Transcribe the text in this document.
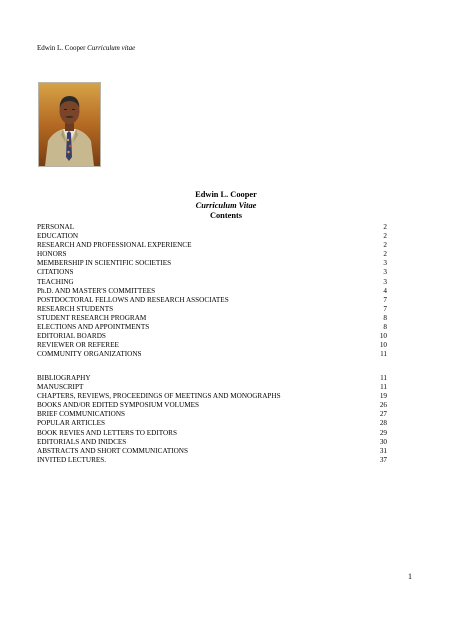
Edwin L. Cooper Curriculum vitae
Edwin L. Cooper
Curriculum Vitae
Contents
PERSONAL	2
EDUCATION	2
RESEARCH AND PROFESSIONAL EXPERIENCE	2
HONORS	2
MEMBERSHIP IN SCIENTIFIC SOCIETIES	3
CITATIONS	3
TEACHING	3
Ph.D. AND MASTER'S COMMITTEES	4
POSTDOCTORAL FELLOWS AND RESEARCH ASSOCIATES	7
RESEARCH STUDENTS	7
STUDENT RESEARCH PROGRAM	8
ELECTIONS AND APPOINTMENTS	8
EDITORIAL BOARDS	10
REVIEWER OR REFEREE	10
COMMUNITY ORGANIZATIONS	11
BIBLIOGRAPHY	11
MANUSCRIPT	11
CHAPTERS, REVIEWS, PROCEEDINGS OF MEETINGS AND MONOGRAPHS	19
BOOKS AND/OR EDITED SYMPOSIUM VOLUMES	26
BRIEF COMMUNICATIONS	27
POPULAR ARTICLES	28
BOOK REVIES AND LETTERS TO EDITORS	29
EDITORIALS AND INIDCES	30
ABSTRACTS AND SHORT COMMUNICATIONS	31
INVITED LECTURES.	37
1
